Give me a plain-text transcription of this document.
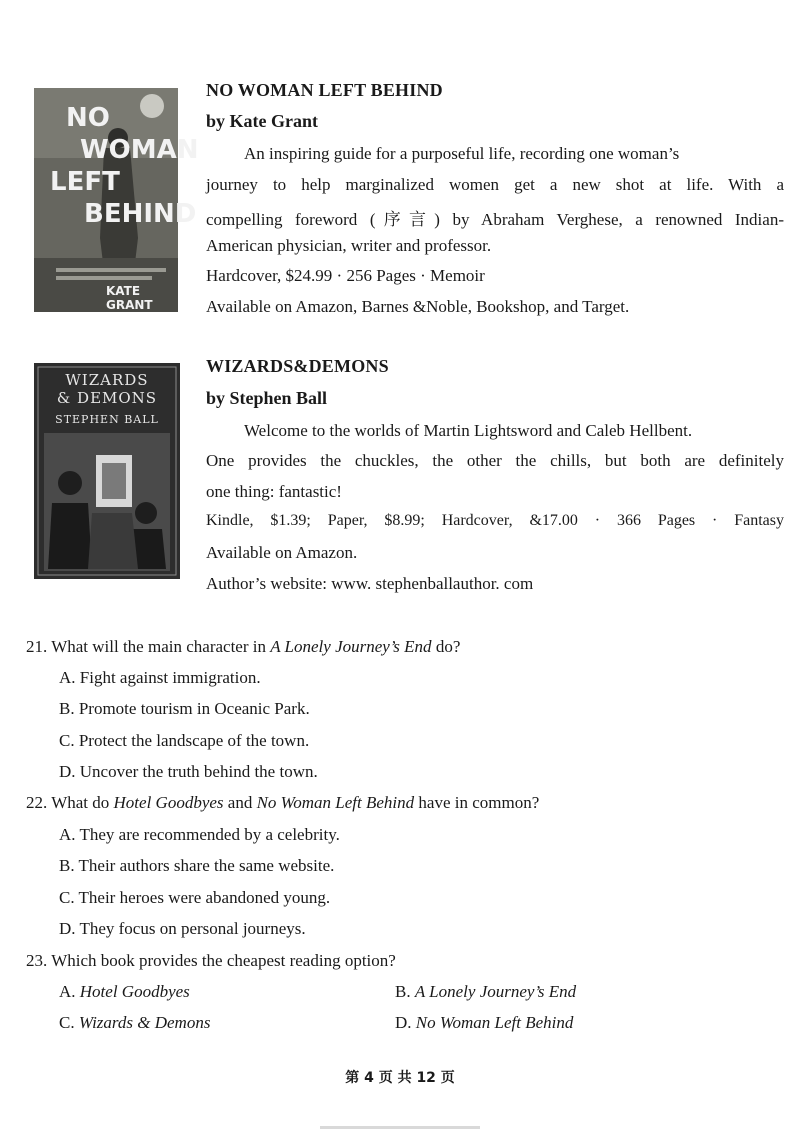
NO
WOMAN
LEFT
BEHIND
KATE GRANT
NO WOMAN LEFT BEHIND
by Kate Grant
An inspiring guide for a purposeful life, recording one woman’s
journey to help marginalized women get a new shot at life. With a
compelling foreword (序言) by Abraham Verghese, a renowned Indian-
American physician, writer and professor.
Hardcover, $24.99 · 256 Pages · Memoir
Available on Amazon, Barnes &Noble, Bookshop, and Target.
WIZARDS
& DEMONS
STEPHEN BALL
WIZARDS&DEMONS
by Stephen Ball
Welcome to the worlds of Martin Lightsword and Caleb Hellbent.
One provides the chuckles, the other the chills, but both are definitely
one thing: fantastic!
Kindle, $1.39; Paper, $8.99; Hardcover, &17.00 · 366 Pages · Fantasy
Available on Amazon.
Author’s website: www. stephenballauthor. com
21. What will the main character in A Lonely Journey’s End do?
A. Fight against immigration.
B. Promote tourism in Oceanic Park.
C. Protect the landscape of the town.
D. Uncover the truth behind the town.
22. What do Hotel Goodbyes and No Woman Left Behind have in common?
A. They are recommended by a celebrity.
B. Their authors share the same website.
C. Their heroes were abandoned young.
D. They focus on personal journeys.
23. Which book provides the cheapest reading option?
A. Hotel Goodbyes	B. A Lonely Journey’s End
C. Wizards & Demons	D. No Woman Left Behind
第 4 页 共 12 页
